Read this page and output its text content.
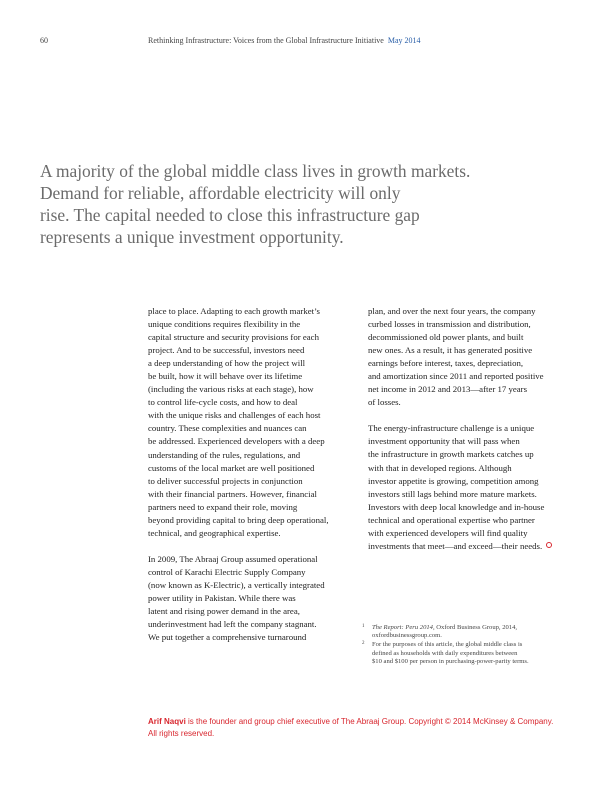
60	Rethinking Infrastructure: Voices from the Global Infrastructure Initiative May 2014
A majority of the global middle class lives in growth markets.
Demand for reliable, affordable electricity will only
rise. The capital needed to close this infrastructure gap
represents a unique investment opportunity.
place to place. Adapting to each growth market’s
unique conditions requires flexibility in the
capital structure and security provisions for each
project. And to be successful, investors need
a deep understanding of how the project will
be built, how it will behave over its lifetime
(including the various risks at each stage), how
to control life-cycle costs, and how to deal
with the unique risks and challenges of each host
country. These complexities and nuances can
be addressed. Experienced developers with a deep
understanding of the rules, regulations, and
customs of the local market are well positioned
to deliver successful projects in conjunction
with their financial partners. However, financial
partners need to expand their role, moving
beyond providing capital to bring deep operational,
technical, and geographical expertise.
In 2009, The Abraaj Group assumed operational
control of Karachi Electric Supply Company
(now known as K-Electric), a vertically integrated
power utility in Pakistan. While there was
latent and rising power demand in the area,
underinvestment had left the company stagnant.
We put together a comprehensive turnaround
plan, and over the next four years, the company
curbed losses in transmission and distribution,
decommissioned old power plants, and built
new ones. As a result, it has generated positive
earnings before interest, taxes, depreciation,
and amortization since 2011 and reported positive
net income in 2012 and 2013—after 17 years
of losses.
The energy-infrastructure challenge is a unique
investment opportunity that will pass when
the infrastructure in growth markets catches up
with that in developed regions. Although
investor appetite is growing, competition among
investors still lags behind more mature markets.
Investors with deep local knowledge and in-house
technical and operational expertise who partner
with experienced developers will find quality
investments that meet—and exceed—their needs.
1 The Report: Peru 2014, Oxford Business Group, 2014,
oxfordbusinessgroup.com.
2 For the purposes of this article, the global middle class is
defined as households with daily expenditures between
$10 and $100 per person in purchasing-power-parity terms.
Arif Naqvi is the founder and group chief executive of The Abraaj Group. Copyright © 2014 McKinsey & Company.
All rights reserved.
